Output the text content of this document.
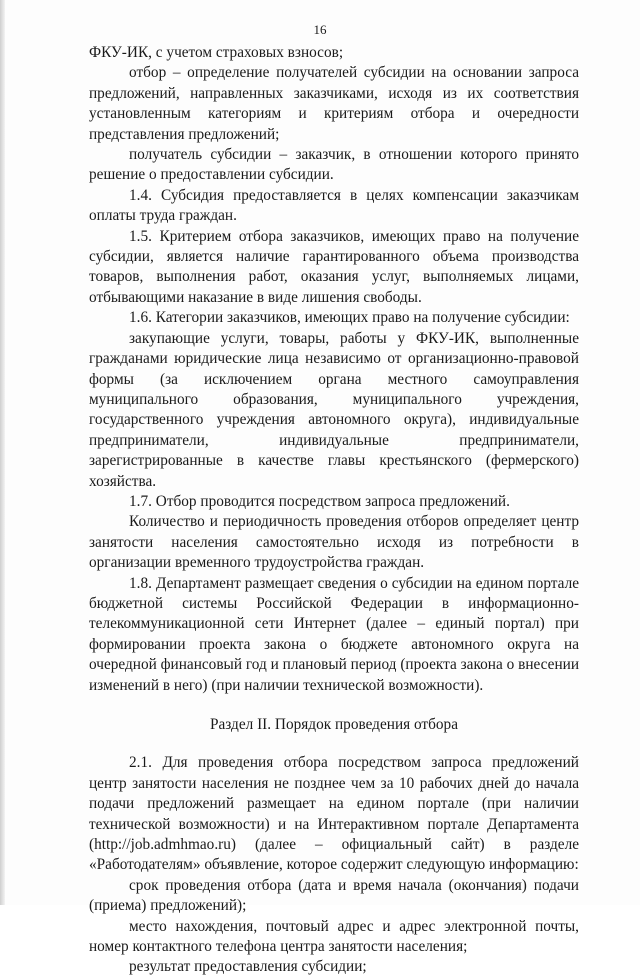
16

ФКУ-ИК, с учетом страховых взносов;

отбор – определение получателей субсидии на основании запроса предложений, направленных заказчиками, исходя из их соответствия установленным категориям и критериям отбора и очередности представления предложений;

получатель субсидии – заказчик, в отношении которого принято решение о предоставлении субсидии.

1.4. Субсидия предоставляется в целях компенсации заказчикам оплаты труда граждан.

1.5. Критерием отбора заказчиков, имеющих право на получение субсидии, является наличие гарантированного объема производства товаров, выполнения работ, оказания услуг, выполняемых лицами, отбывающими наказание в виде лишения свободы.

1.6. Категории заказчиков, имеющих право на получение субсидии:

закупающие услуги, товары, работы у ФКУ-ИК, выполненные гражданами юридические лица независимо от организационно-правовой формы (за исключением органа местного самоуправления муниципального образования, муниципального учреждения, государственного учреждения автономного округа), индивидуальные предприниматели, индивидуальные предприниматели, зарегистрированные в качестве главы крестьянского (фермерского) хозяйства.

1.7. Отбор проводится посредством запроса предложений.

Количество и периодичность проведения отборов определяет центр занятости населения самостоятельно исходя из потребности в организации временного трудоустройства граждан.

1.8. Департамент размещает сведения о субсидии на едином портале бюджетной системы Российской Федерации в информационно-телекоммуникационной сети Интернет (далее – единый портал) при формировании проекта закона о бюджете автономного округа на очередной финансовый год и плановый период (проекта закона о внесении изменений в него) (при наличии технической возможности).

Раздел II. Порядок проведения отбора

2.1. Для проведения отбора посредством запроса предложений центр занятости населения не позднее чем за 10 рабочих дней до начала подачи предложений размещает на едином портале (при наличии технической возможности) и на Интерактивном портале Департамента (http://job.admhmao.ru) (далее – официальный сайт) в разделе «Работодателям» объявление, которое содержит следующую информацию:

срок проведения отбора (дата и время начала (окончания) подачи (приема) предложений);

место нахождения, почтовый адрес и адрес электронной почты, номер контактного телефона центра занятости населения;

результат предоставления субсидии;
